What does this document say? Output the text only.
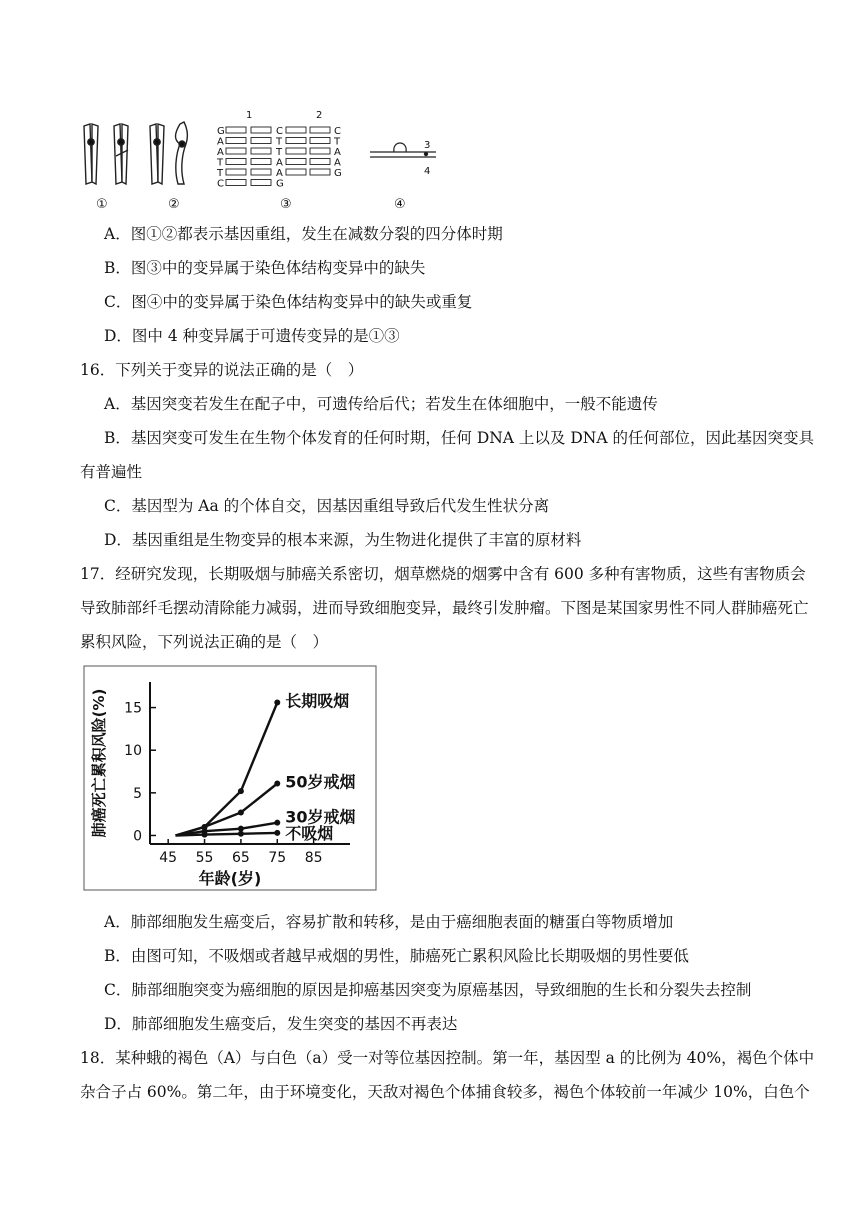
1	2
G	C
A	T
A	T
T	A
T	A
C	G
C
T
A
A
G
3
4
①	②	③	④
A．图①②都表示基因重组，发生在减数分裂的四分体时期
B．图③中的变异属于染色体结构变异中的缺失
C．图④中的变异属于染色体结构变异中的缺失或重复
D．图中 4 种变异属于可遗传变异的是①③
16．下列关于变异的说法正确的是（　）
A．基因突变若发生在配子中，可遗传给后代；若发生在体细胞中，一般不能遗传
B．基因突变可发生在生物个体发育的任何时期，任何 DNA 上以及 DNA 的任何部位，因此基因突变具
有普遍性
C．基因型为 Aa 的个体自交，因基因重组导致后代发生性状分离
D．基因重组是生物变异的根本来源，为生物进化提供了丰富的原材料
17．经研究发现，长期吸烟与肺癌关系密切，烟草燃烧的烟雾中含有 600 多种有害物质，这些有害物质会
导致肺部纤毛摆动清除能力减弱，进而导致细胞变异，最终引发肿瘤。下图是某国家男性不同人群肺癌死亡
累积风险，下列说法正确的是（　）
0
5
10
15
45 55 65 75 85
年龄(岁)
肺癌死亡累积风险(%)	长期吸烟
50岁戒烟
30岁戒烟
不吸烟
A．肺部细胞发生癌变后，容易扩散和转移，是由于癌细胞表面的糖蛋白等物质增加
B．由图可知，不吸烟或者越早戒烟的男性，肺癌死亡累积风险比长期吸烟的男性要低
C．肺部细胞突变为癌细胞的原因是抑癌基因突变为原癌基因，导致细胞的生长和分裂失去控制
D．肺部细胞发生癌变后，发生突变的基因不再表达
18．某种蛾的褐色（A）与白色（a）受一对等位基因控制。第一年，基因型 a 的比例为 40%，褐色个体中
杂合子占 60%。第二年，由于环境变化，天敌对褐色个体捕食较多，褐色个体较前一年减少 10%，白色个
